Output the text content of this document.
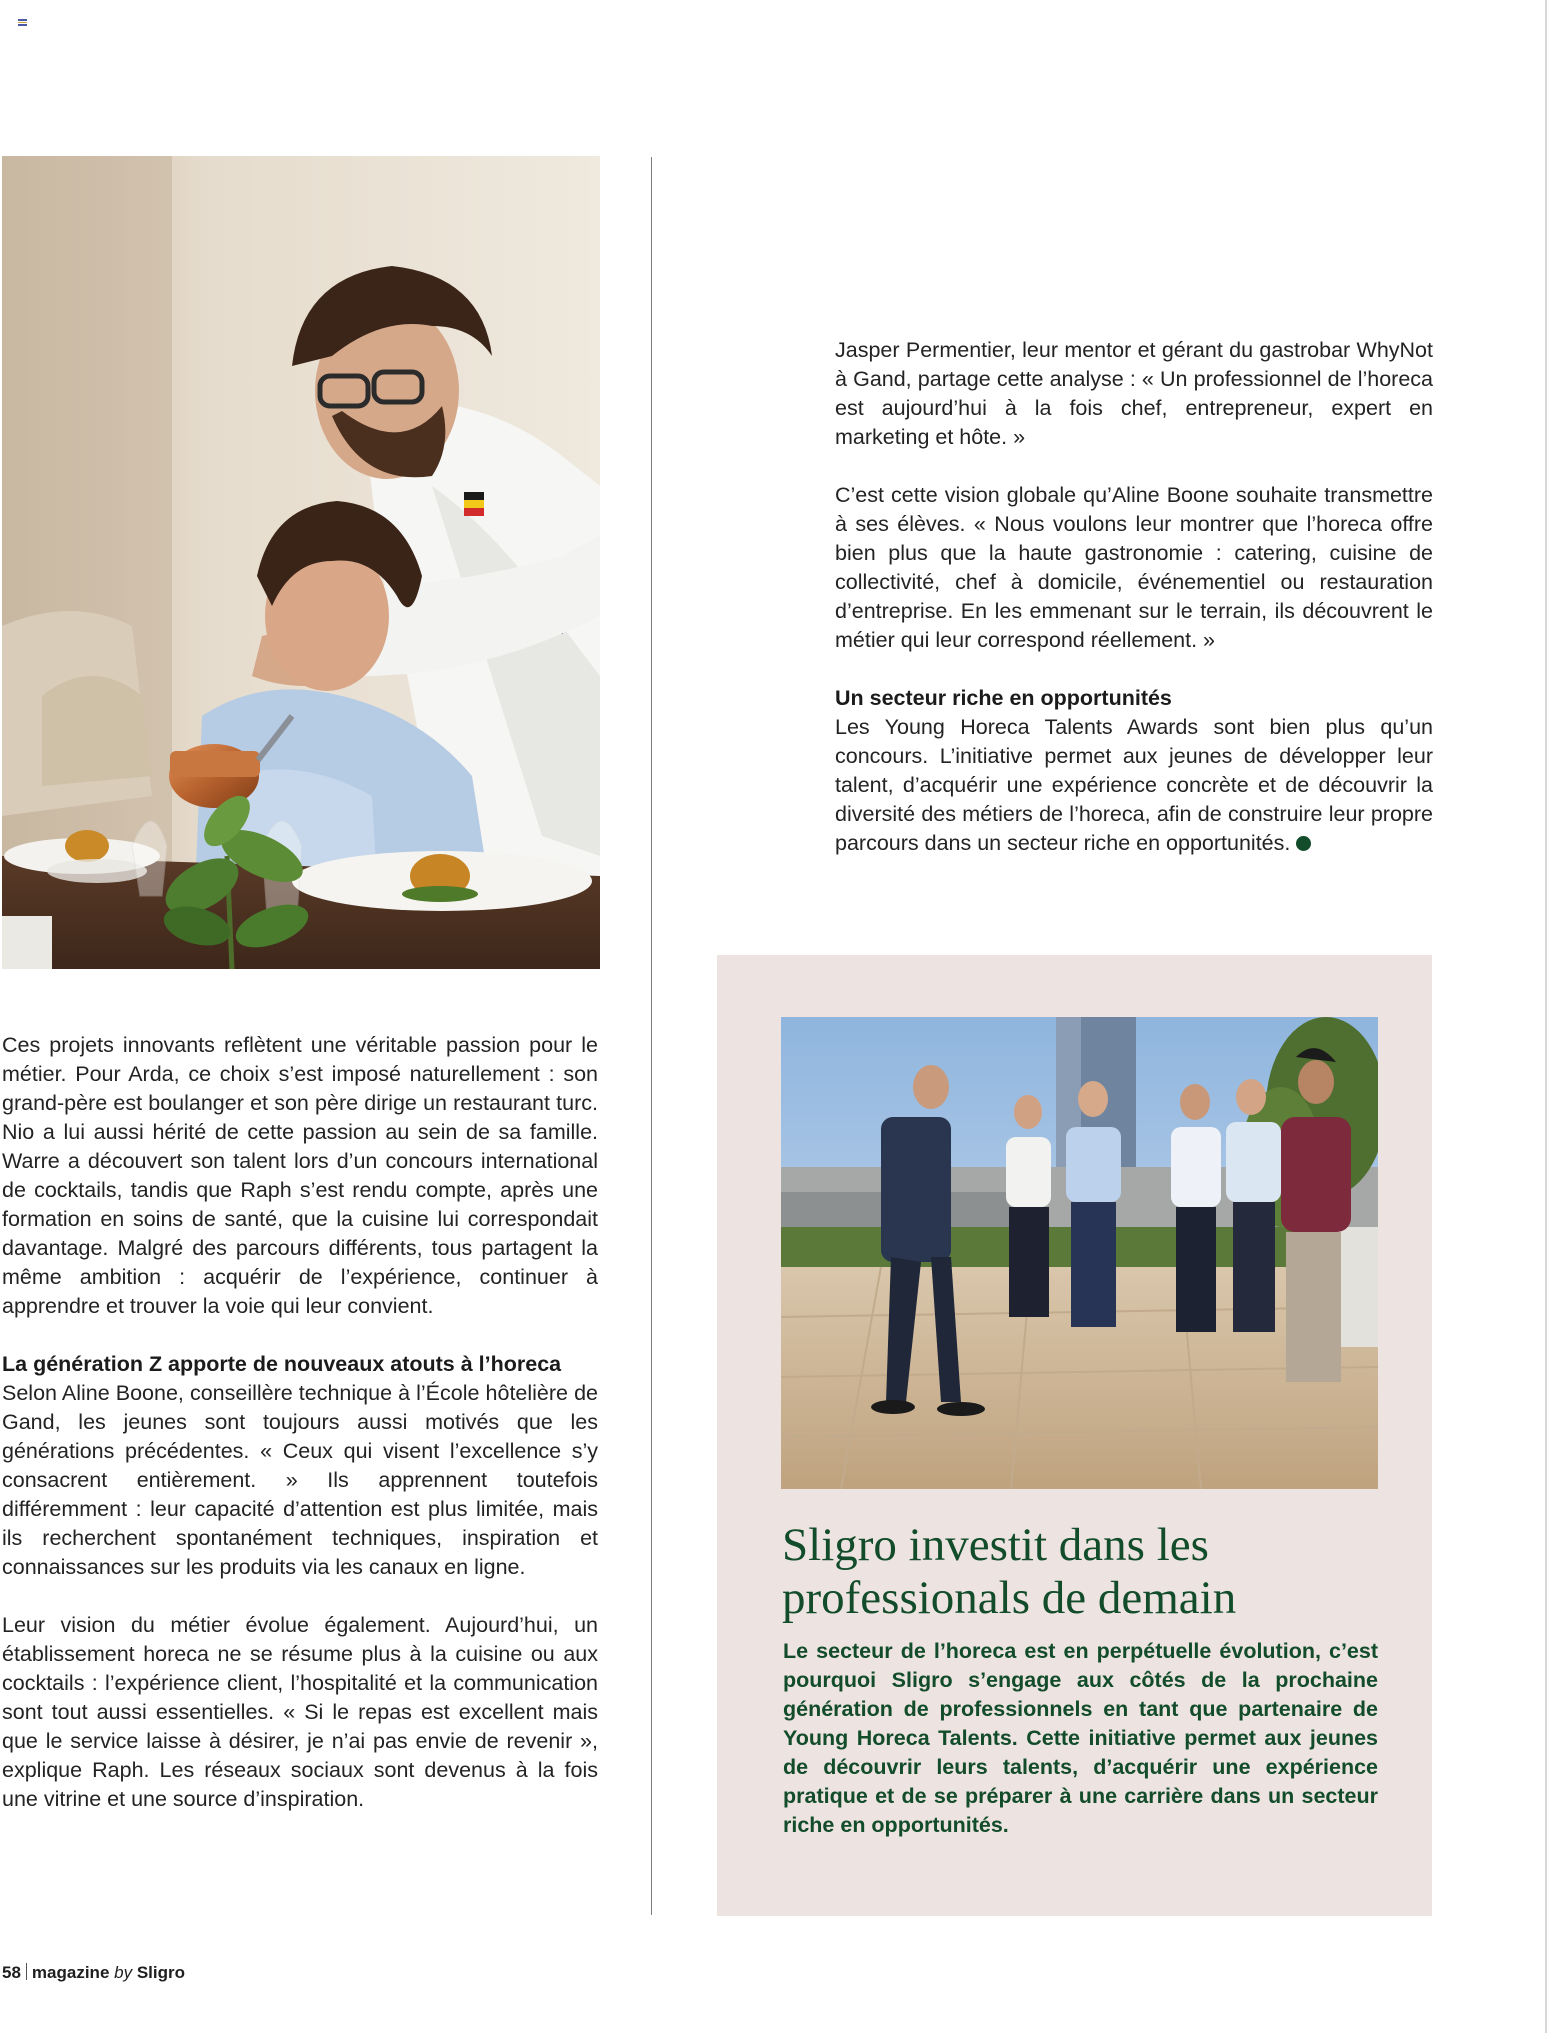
Jasper Permentier, leur mentor et gérant du gastrobar WhyNot à Gand, partage cette analyse : « Un professionnel de l’horeca est aujourd’hui à la fois chef, entrepreneur, expert en marketing et hôte. »

C’est cette vision globale qu’Aline Boone souhaite transmettre à ses élèves. « Nous voulons leur montrer que l’horeca offre bien plus que la haute gastronomie : catering, cuisine de collectivité, chef à domicile, événementiel ou restauration d’entreprise. En les emmenant sur le terrain, ils découvrent le métier qui leur correspond réellement. »

Un secteur riche en opportunités

Les Young Horeca Talents Awards sont bien plus qu’un concours. L’initiative permet aux jeunes de développer leur talent, d’acquérir une expérience concrète et de découvrir la diversité des métiers de l’horeca, afin de construire leur propre parcours dans un secteur riche en opportunités.

Ces projets innovants reflètent une véritable passion pour le métier. Pour Arda, ce choix s’est imposé naturellement : son grand-père est boulanger et son père dirige un restaurant turc. Nio a lui aussi hérité de cette passion au sein de sa famille. Warre a découvert son talent lors d’un concours international de cocktails, tandis que Raph s’est rendu compte, après une formation en soins de santé, que la cuisine lui correspondait davantage. Malgré des parcours différents, tous partagent la même ambition : acquérir de l’expérience, continuer à apprendre et trouver la voie qui leur convient.

La génération Z apporte de nouveaux atouts à l’horeca

Selon Aline Boone, conseillère technique à l’École hôtelière de Gand, les jeunes sont toujours aussi motivés que les générations précédentes. « Ceux qui visent l’excellence s’y consacrent entièrement. » Ils apprennent toutefois différemment : leur capacité d’attention est plus limitée, mais ils recherchent spontanément techniques, inspiration et connaissances sur les produits via les canaux en ligne.

Leur vision du métier évolue également. Aujourd’hui, un établissement horeca ne se résume plus à la cuisine ou aux cocktails : l’expérience client, l’hospitalité et la communication sont tout aussi essentielles. « Si le repas est excellent mais que le service laisse à désirer, je n’ai pas envie de revenir », explique Raph. Les réseaux sociaux sont devenus à la fois une vitrine et une source d’inspiration.

Sligro investit dans les professionals de demain

Le secteur de l’horeca est en perpétuelle évolution, c’est pourquoi Sligro s’engage aux côtés de la prochaine génération de professionnels en tant que partenaire de Young Horeca Talents. Cette initiative permet aux jeunes de découvrir leurs talents, d’acquérir une expérience pratique et de se préparer à une carrière dans un secteur riche en opportunités.

58 magazine by Sligro
